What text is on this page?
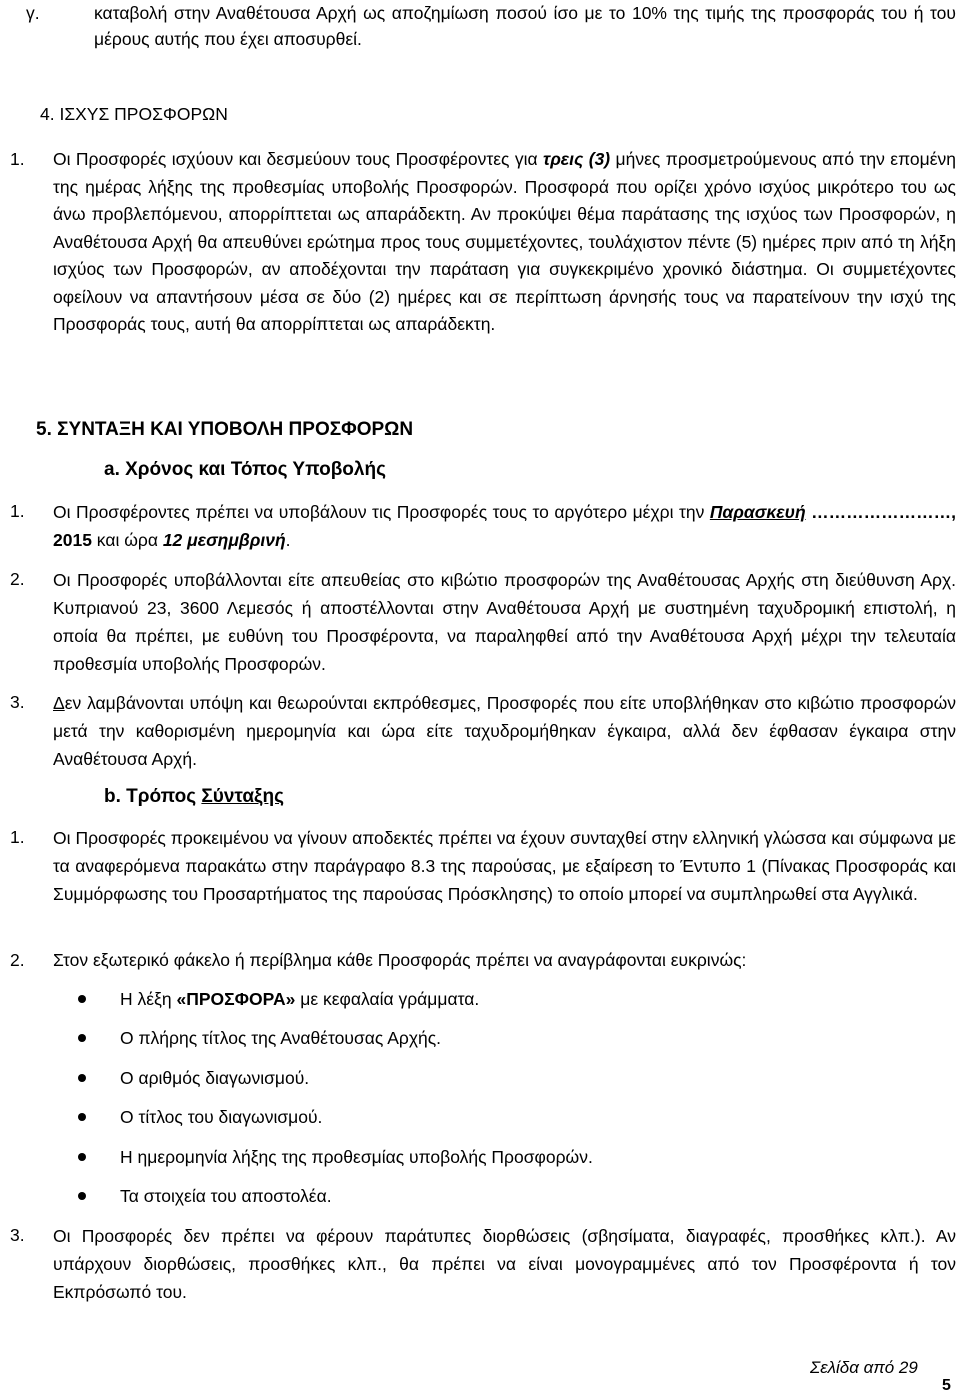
γ.	καταβολή στην Αναθέτουσα Αρχή ως αποζημίωση ποσού ίσο με το 10% της τιμής της προσφοράς του ή του μέρους αυτής που έχει αποσυρθεί.
4. ΙΣΧΥΣ ΠΡΟΣΦΟΡΩΝ
1. Οι Προσφορές ισχύουν και δεσμεύουν τους Προσφέροντες για τρεις (3) μήνες προσμετρούμενους από την επομένη της ημέρας λήξης της προθεσμίας υποβολής Προσφορών. Προσφορά που ορίζει χρόνο ισχύος μικρότερο του ως άνω προβλεπόμενου, απορρίπτεται ως απαράδεκτη. Αν προκύψει θέμα παράτασης της ισχύος των Προσφορών, η Αναθέτουσα Αρχή θα απευθύνει ερώτημα προς τους συμμετέχοντες, τουλάχιστον πέντε (5) ημέρες πριν από τη λήξη ισχύος των Προσφορών, αν αποδέχονται την παράταση για συγκεκριμένο χρονικό διάστημα. Οι συμμετέχοντες οφείλουν να απαντήσουν μέσα σε δύο (2) ημέρες και σε περίπτωση άρνησής τους να παρατείνουν την ισχύ της Προσφοράς τους, αυτή θα απορρίπτεται ως απαράδεκτη.
5. ΣΥΝΤΑΞΗ ΚΑΙ ΥΠΟΒΟΛΗ ΠΡΟΣΦΟΡΩΝ
a. Χρόνος και Τόπος Υποβολής
1. Οι Προσφέροντες πρέπει να υποβάλουν τις Προσφορές τους το αργότερο μέχρι την Παρασκευή ……………………, 2015 και ώρα 12 μεσημβρινή.
2. Οι Προσφορές υποβάλλονται είτε απευθείας στο κιβώτιο προσφορών της Αναθέτουσας Αρχής στη διεύθυνση Αρχ. Κυπριανού 23, 3600 Λεμεσός ή αποστέλλονται στην Αναθέτουσα Αρχή με συστημένη ταχυδρομική επιστολή, η οποία θα πρέπει, με ευθύνη του Προσφέροντα, να παραληφθεί από την Αναθέτουσα Αρχή μέχρι την τελευταία προθεσμία υποβολής Προσφορών.
3. Δεν λαμβάνονται υπόψη και θεωρούνται εκπρόθεσμες, Προσφορές που είτε υποβλήθηκαν στο κιβώτιο προσφορών μετά την καθορισμένη ημερομηνία και ώρα είτε ταχυδρομήθηκαν έγκαιρα, αλλά δεν έφθασαν έγκαιρα στην Αναθέτουσα Αρχή.
b. Τρόπος Σύνταξης
1. Οι Προσφορές προκειμένου να γίνουν αποδεκτές πρέπει να έχουν συνταχθεί στην ελληνική γλώσσα και σύμφωνα με τα αναφερόμενα παρακάτω στην παράγραφο 8.3 της παρούσας, με εξαίρεση το Έντυπο 1 (Πίνακας Προσφοράς και Συμμόρφωσης του Προσαρτήματος της παρούσας Πρόσκλησης) το οποίο μπορεί να συμπληρωθεί στα Αγγλικά.
2. Στον εξωτερικό φάκελο ή περίβλημα κάθε Προσφοράς πρέπει να αναγράφονται ευκρινώς:
Η λέξη «ΠΡΟΣΦΟΡΑ» με κεφαλαία γράμματα.
Ο πλήρης τίτλος της Αναθέτουσας Αρχής.
Ο αριθμός διαγωνισμού.
Ο τίτλος του διαγωνισμού.
Η ημερομηνία λήξης της προθεσμίας υποβολής Προσφορών.
Τα στοιχεία του αποστολέα.
3. Οι Προσφορές δεν πρέπει να φέρουν παράτυπες διορθώσεις (σβησίματα, διαγραφές, προσθήκες κλπ.). Αν υπάρχουν διορθώσεις, προσθήκες κλπ., θα πρέπει να είναι μονογραμμένες από τον Προσφέροντα ή τον Εκπρόσωπό του.
Σελίδα από 29
5
